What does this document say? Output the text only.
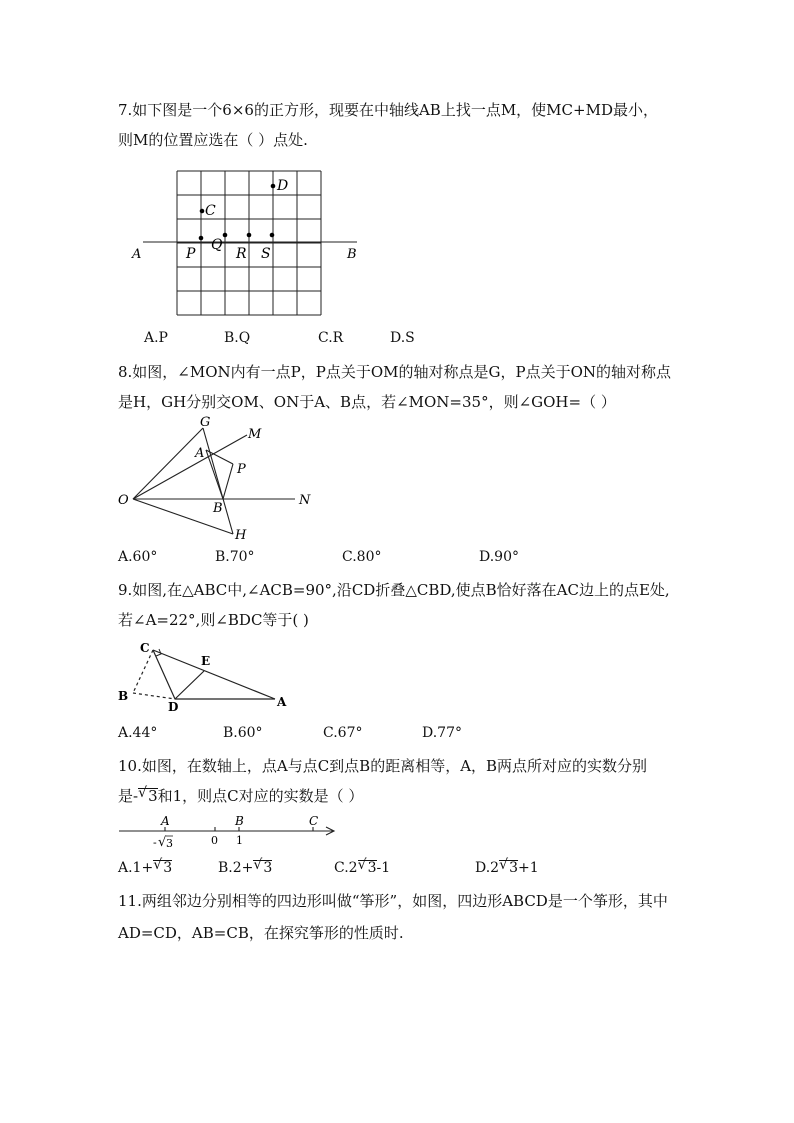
7.如下图是一个6×6的正方形，现要在中轴线AB上找一点M，使MC+MD最小，
则M的位置应选在（ ）点处.
C
D
A	B
P
Q
R S
A.P	B.Q	C.R	D.S
8.如图，∠MON内有一点P，P点关于OM的轴对称点是G，P点关于ON的轴对称点
是H，GH分别交OM、ON于A、B点，若∠MON=35°，则∠GOH=（ ）
G
M
A
P
O
B
N
H
A.60°	B.70°	C.80°	D.90°
9.如图,在△ABC中,∠ACB=90°,沿CD折叠△CBD,使点B恰好落在AC边上的点E处,
若∠A=22°,则∠BDC等于( )
C
E
B
D	A
A.44°	B.60°	C.67°	D.77°
10.如图，在数轴上，点A与点C到点B的距离相等，A，B两点所对应的实数分别
是- √ 3和1，则点C对应的实数是（ ）
A	B	C
- √ 3	0 1
A.1+ √ 3	B.2+ √ 3	C.2 √ 3-1	D.2 √ 3+1
11.两组邻边分别相等的四边形叫做“筝形”，如图，四边形ABCD是一个筝形，其中
AD=CD，AB=CB，在探究筝形的性质时.
